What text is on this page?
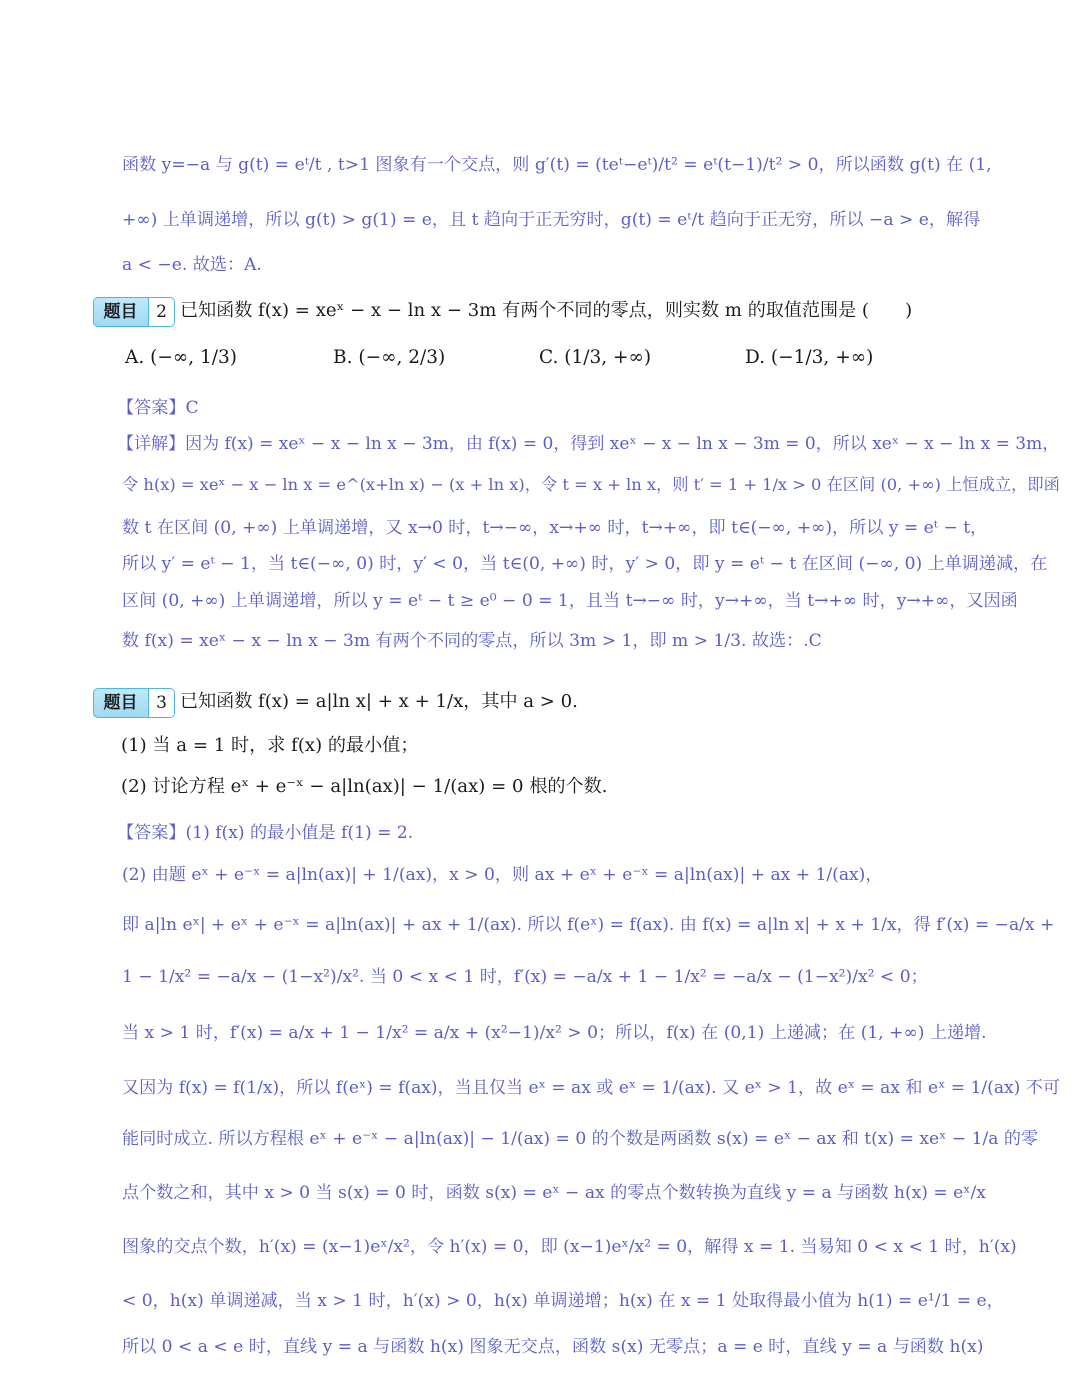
函数 y=−a 与 g(t) = eᵗ/t , t>1 图象有一个交点，则 g′(t) = (teᵗ−eᵗ)/t² = eᵗ(t−1)/t² > 0，所以函数 g(t) 在 (1,
+∞) 上单调递增，所以 g(t) > g(1) = e，且 t 趋向于正无穷时，g(t) = eᵗ/t 趋向于正无穷，所以 −a > e，解得
a < −e. 故选：A.
题目	2 已知函数 f(x) = xeˣ − x − ln x − 3m 有两个不同的零点，则实数 m 的取值范围是 (　　)
A. (−∞, 1/3)	B. (−∞, 2/3)	C. (1/3, +∞)	D. (−1/3, +∞)
【答案】C
【详解】因为 f(x) = xeˣ − x − ln x − 3m，由 f(x) = 0，得到 xeˣ − x − ln x − 3m = 0，所以 xeˣ − x − ln x = 3m，
令 h(x) = xeˣ − x − ln x = e^(x+ln x) − (x + ln x)，令 t = x + ln x，则 t′ = 1 + 1/x > 0 在区间 (0, +∞) 上恒成立，即函
数 t 在区间 (0, +∞) 上单调递增，又 x→0 时，t→−∞，x→+∞ 时，t→+∞，即 t∈(−∞, +∞)，所以 y = eᵗ − t，
所以 y′ = eᵗ − 1，当 t∈(−∞, 0) 时，y′ < 0，当 t∈(0, +∞) 时，y′ > 0，即 y = eᵗ − t 在区间 (−∞, 0) 上单调递减，在
区间 (0, +∞) 上单调递增，所以 y = eᵗ − t ≥ e⁰ − 0 = 1，且当 t→−∞ 时，y→+∞，当 t→+∞ 时，y→+∞，又因函
数 f(x) = xeˣ − x − ln x − 3m 有两个不同的零点，所以 3m > 1，即 m > 1/3. 故选：.C
题目	3 已知函数 f(x) = a|ln x| + x + 1/x，其中 a > 0.
(1) 当 a = 1 时，求 f(x) 的最小值；
(2) 讨论方程 eˣ + e⁻ˣ − a|ln(ax)| − 1/(ax) = 0 根的个数.
【答案】(1) f(x) 的最小值是 f(1) = 2.
(2) 由题 eˣ + e⁻ˣ = a|ln(ax)| + 1/(ax)，x > 0，则 ax + eˣ + e⁻ˣ = a|ln(ax)| + ax + 1/(ax)，
即 a|ln eˣ| + eˣ + e⁻ˣ = a|ln(ax)| + ax + 1/(ax). 所以 f(eˣ) = f(ax). 由 f(x) = a|ln x| + x + 1/x，得 f′(x) = −a/x +
1 − 1/x² = −a/x − (1−x²)/x². 当 0 < x < 1 时，f′(x) = −a/x + 1 − 1/x² = −a/x − (1−x²)/x² < 0；
当 x > 1 时，f′(x) = a/x + 1 − 1/x² = a/x + (x²−1)/x² > 0；所以，f(x) 在 (0,1) 上递减；在 (1, +∞) 上递增.
又因为 f(x) = f(1/x)，所以 f(eˣ) = f(ax)，当且仅当 eˣ = ax 或 eˣ = 1/(ax). 又 eˣ > 1，故 eˣ = ax 和 eˣ = 1/(ax) 不可
能同时成立. 所以方程根 eˣ + e⁻ˣ − a|ln(ax)| − 1/(ax) = 0 的个数是两函数 s(x) = eˣ − ax 和 t(x) = xeˣ − 1/a 的零
点个数之和，其中 x > 0 当 s(x) = 0 时，函数 s(x) = eˣ − ax 的零点个数转换为直线 y = a 与函数 h(x) = eˣ/x
图象的交点个数，h′(x) = (x−1)eˣ/x²，令 h′(x) = 0，即 (x−1)eˣ/x² = 0，解得 x = 1. 当易知 0 < x < 1 时，h′(x)
< 0，h(x) 单调递减，当 x > 1 时，h′(x) > 0，h(x) 单调递增；h(x) 在 x = 1 处取得最小值为 h(1) = e¹/1 = e，
所以 0 < a < e 时，直线 y = a 与函数 h(x) 图象无交点，函数 s(x) 无零点；a = e 时，直线 y = a 与函数 h(x)
